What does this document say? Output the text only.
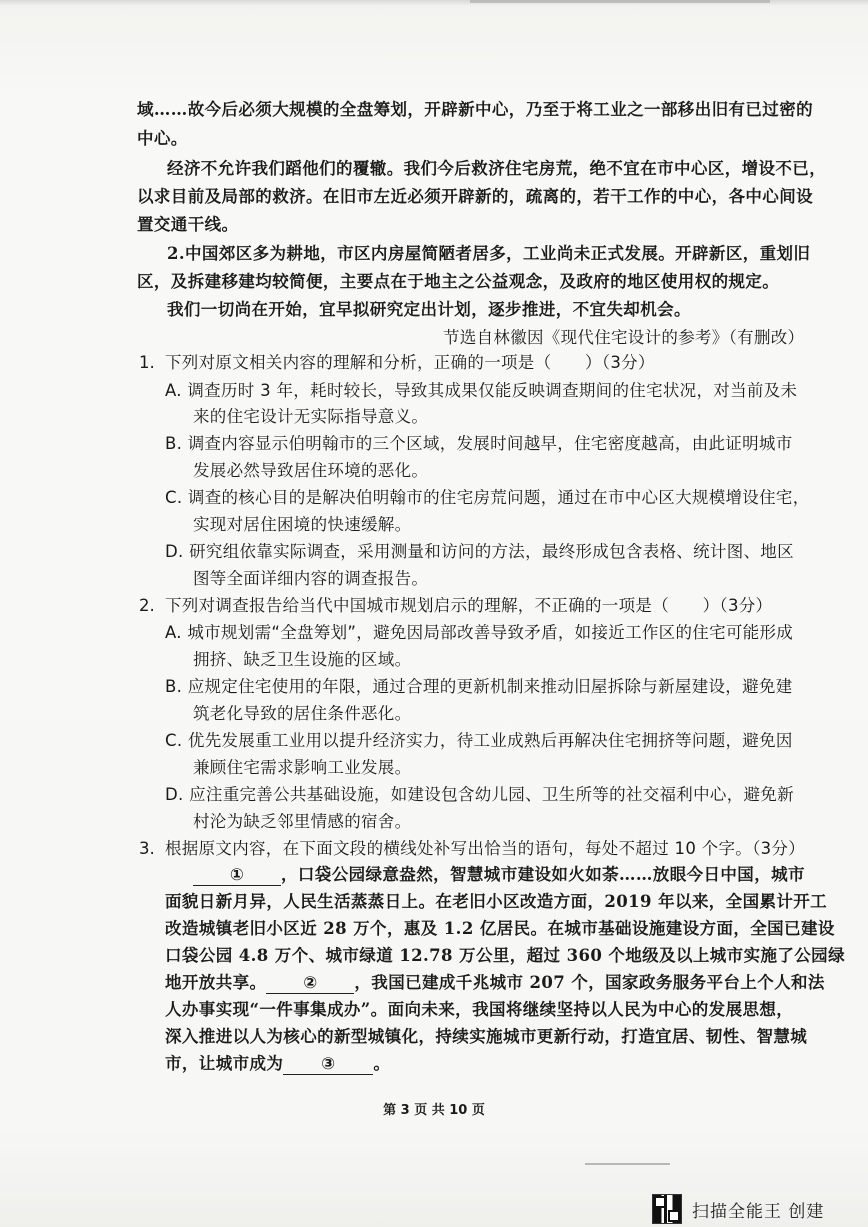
域……故今后必须大规模的全盘筹划，开辟新中心，乃至于将工业之一部移出旧有已过密的
中心。
经济不允许我们蹈他们的覆辙。我们今后救济住宅房荒，绝不宜在市中心区，增设不已，
以求目前及局部的救济。在旧市左近必须开辟新的，疏离的，若干工作的中心，各中心间设
置交通干线。
2.中国郊区多为耕地，市区内房屋简陋者居多，工业尚未正式发展。开辟新区，重划旧
区，及拆建移建均较简便，主要点在于地主之公益观念，及政府的地区使用权的规定。
我们一切尚在开始，宜早拟研究定出计划，逐步推进，不宜失却机会。
节选自林徽因《现代住宅设计的参考》（有删改）
1. 下列对原文相关内容的理解和分析，正确的一项是（　　）（3分）
A. 调查历时 3 年，耗时较长，导致其成果仅能反映调查期间的住宅状况，对当前及未
来的住宅设计无实际指导意义。
B. 调查内容显示伯明翰市的三个区域，发展时间越早，住宅密度越高，由此证明城市
发展必然导致居住环境的恶化。
C. 调查的核心目的是解决伯明翰市的住宅房荒问题，通过在市中心区大规模增设住宅，
实现对居住困境的快速缓解。
D. 研究组依靠实际调查，采用测量和访问的方法，最终形成包含表格、统计图、地区
图等全面详细内容的调查报告。
2. 下列对调查报告给当代中国城市规划启示的理解，不正确的一项是（　　）（3分）
A. 城市规划需“全盘筹划”，避免因局部改善导致矛盾，如接近工作区的住宅可能形成
拥挤、缺乏卫生设施的区域。
B. 应规定住宅使用的年限，通过合理的更新机制来推动旧屋拆除与新屋建设，避免建
筑老化导致的居住条件恶化。
C. 优先发展重工业用以提升经济实力，待工业成熟后再解决住宅拥挤等问题，避免因
兼顾住宅需求影响工业发展。
D. 应注重完善公共基础设施，如建设包含幼儿园、卫生所等的社交福利中心，避免新
村沦为缺乏邻里情感的宿舍。
3. 根据原文内容，在下面文段的横线处补写出恰当的语句，每处不超过 10 个字。（3分）
① ，口袋公园绿意盎然，智慧城市建设如火如荼……放眼今日中国，城市
面貌日新月异，人民生活蒸蒸日上。在老旧小区改造方面，2019 年以来，全国累计开工
改造城镇老旧小区近 28 万个，惠及 1.2 亿居民。在城市基础设施建设方面，全国已建设
口袋公园 4.8 万个、城市绿道 12.78 万公里，超过 360 个地级及以上城市实施了公园绿
地开放共享。 ② ，我国已建成千兆城市 207 个，国家政务服务平台上个人和法
人办事实现“一件事集成办”。面向未来，我国将继续坚持以人民为中心的发展思想，
深入推进以人为核心的新型城镇化，持续实施城市更新行动，打造宜居、韧性、智慧城
市，让城市成为 ③ 。
第 3 页 共 10 页
扫描全能王 创建
